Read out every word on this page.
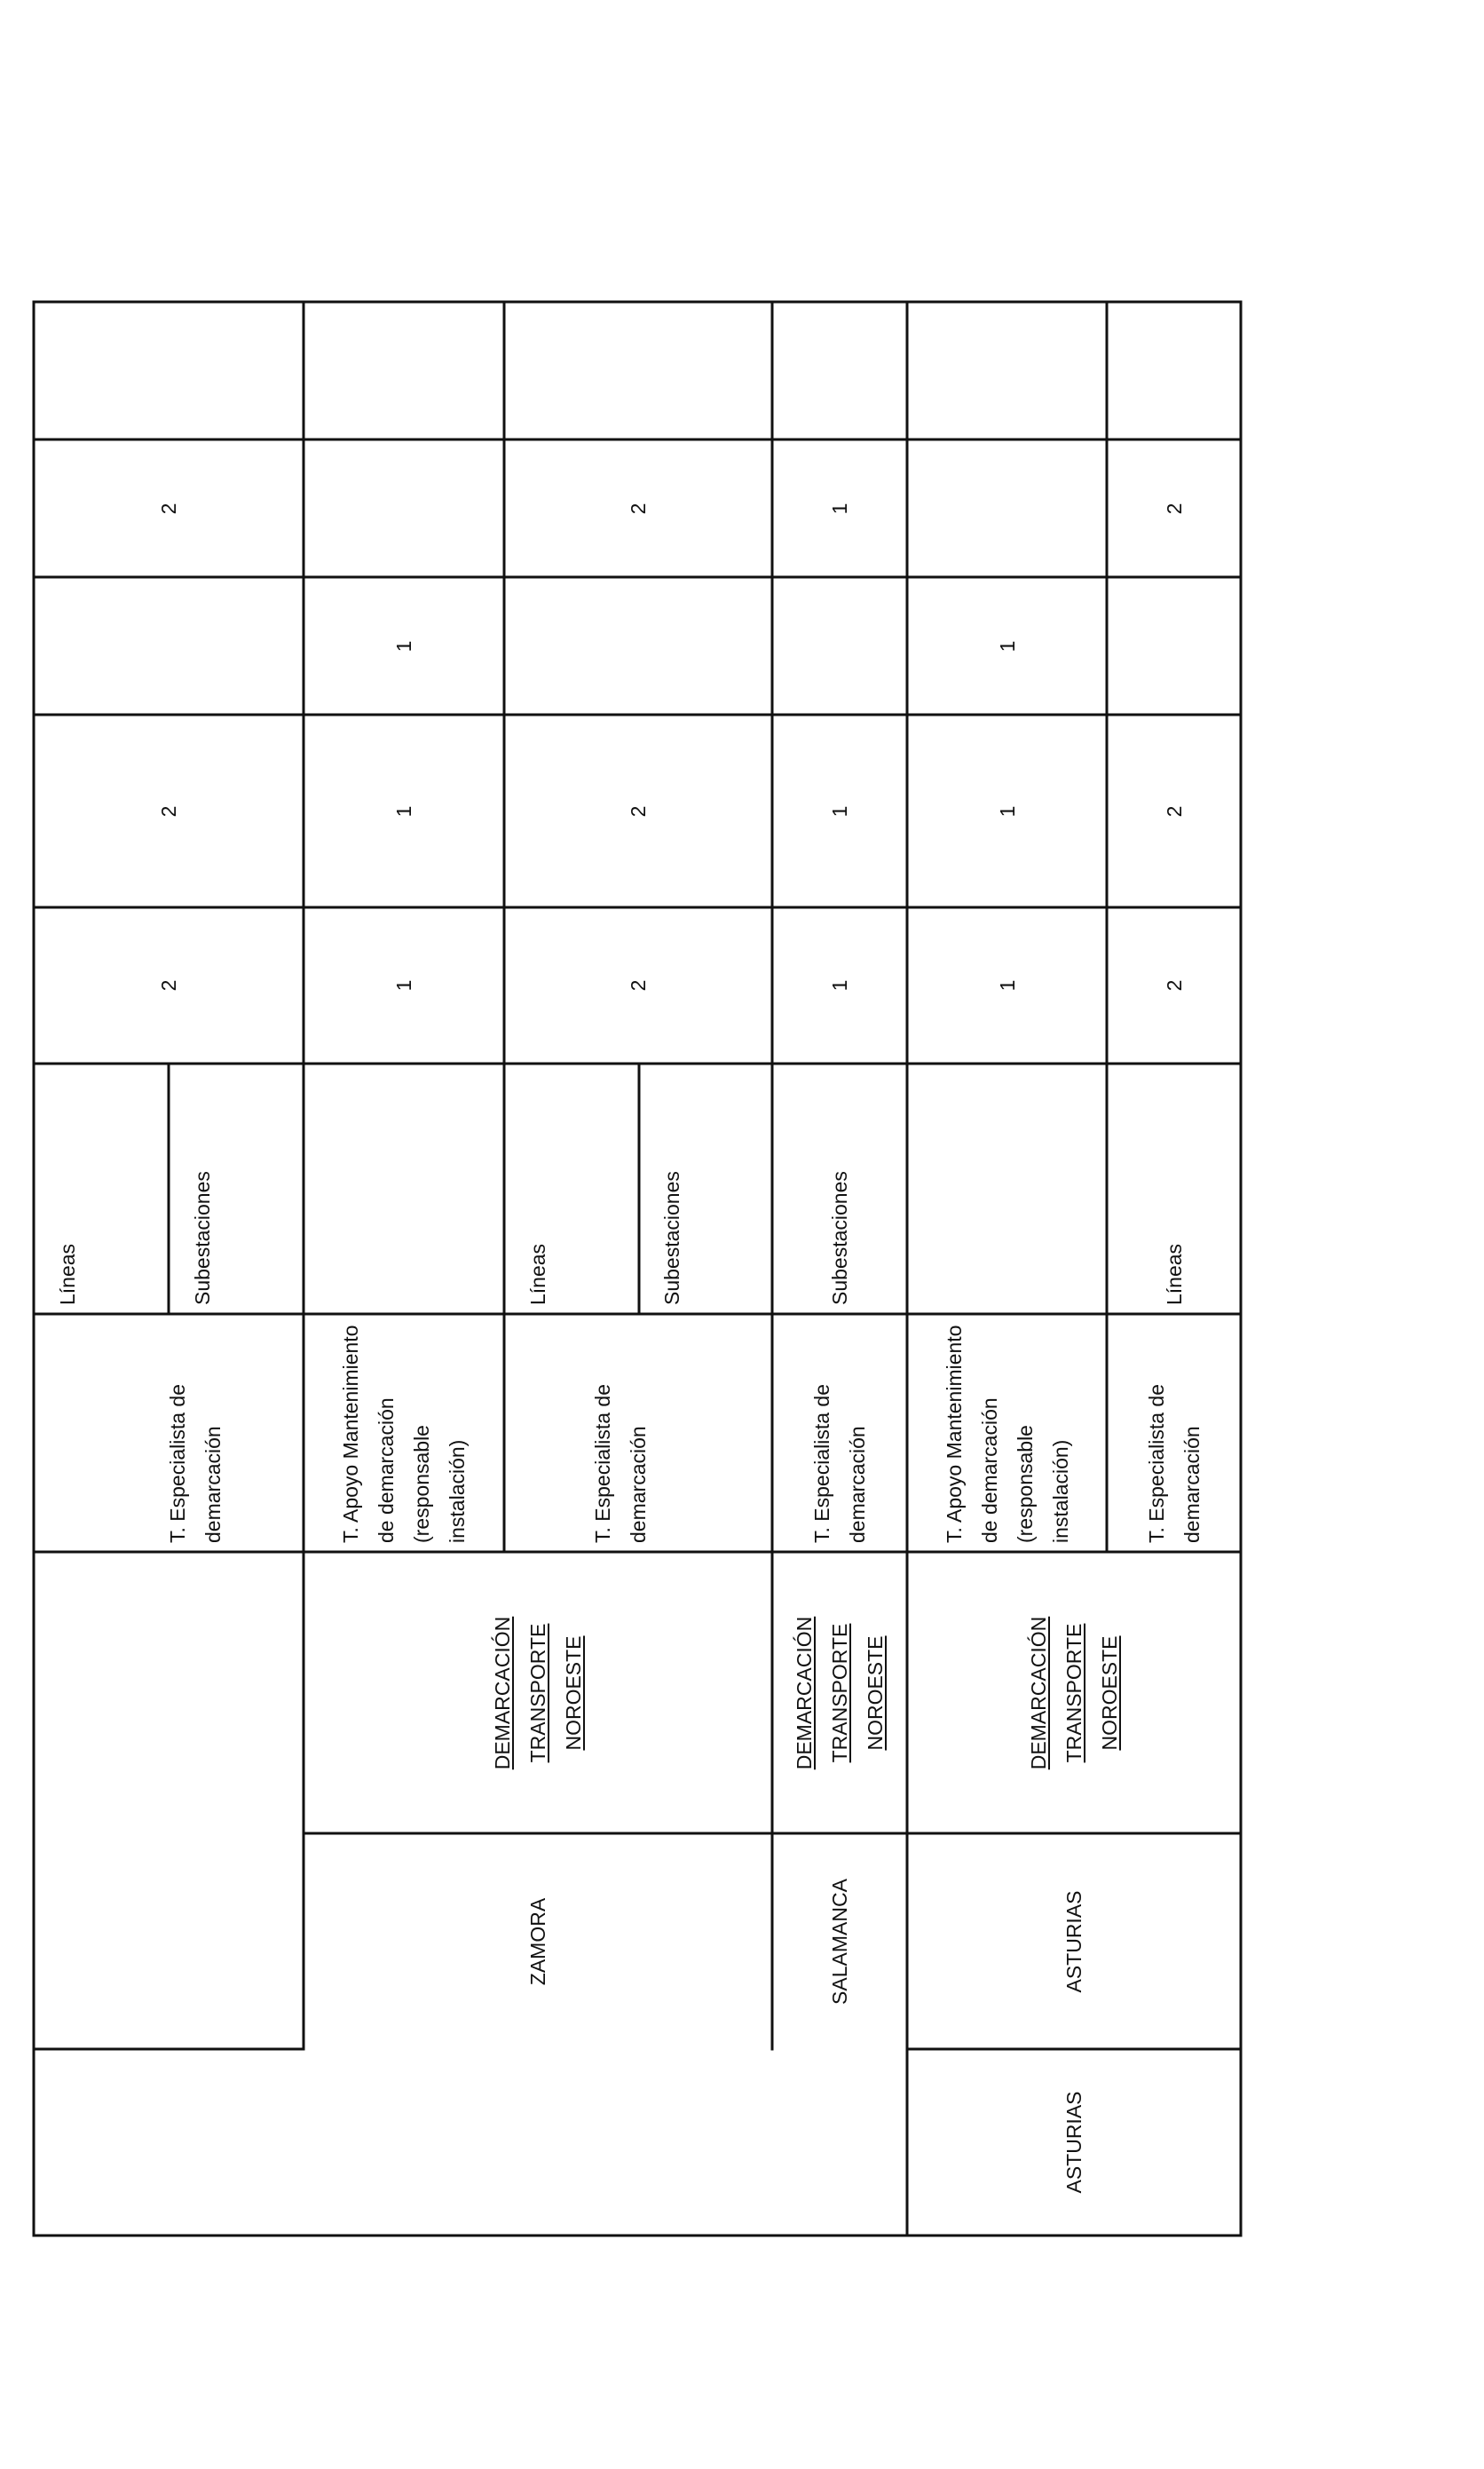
2
2
2
Líneas	Subestaciones
T. Especialista de demarcación
1
1
1
T. Apoyo Mantenimiento de demarcación (responsable instalación)
DEMARCACIÓN TRANSPORTE NOROESTE
ZAMORA
2
2
2
Líneas	Subestaciones
T. Especialista de demarcación
1
1
1
Subestaciones
T. Especialista de demarcación
DEMARCACIÓN TRANSPORTE NOROESTE
SALAMANCA
1
1
1
T. Apoyo Mantenimiento de demarcación (responsable instalación)
DEMARCACIÓN TRANSPORTE NOROESTE
ASTURIAS
ASTURIAS
2
2
2
Líneas
T. Especialista de demarcación
